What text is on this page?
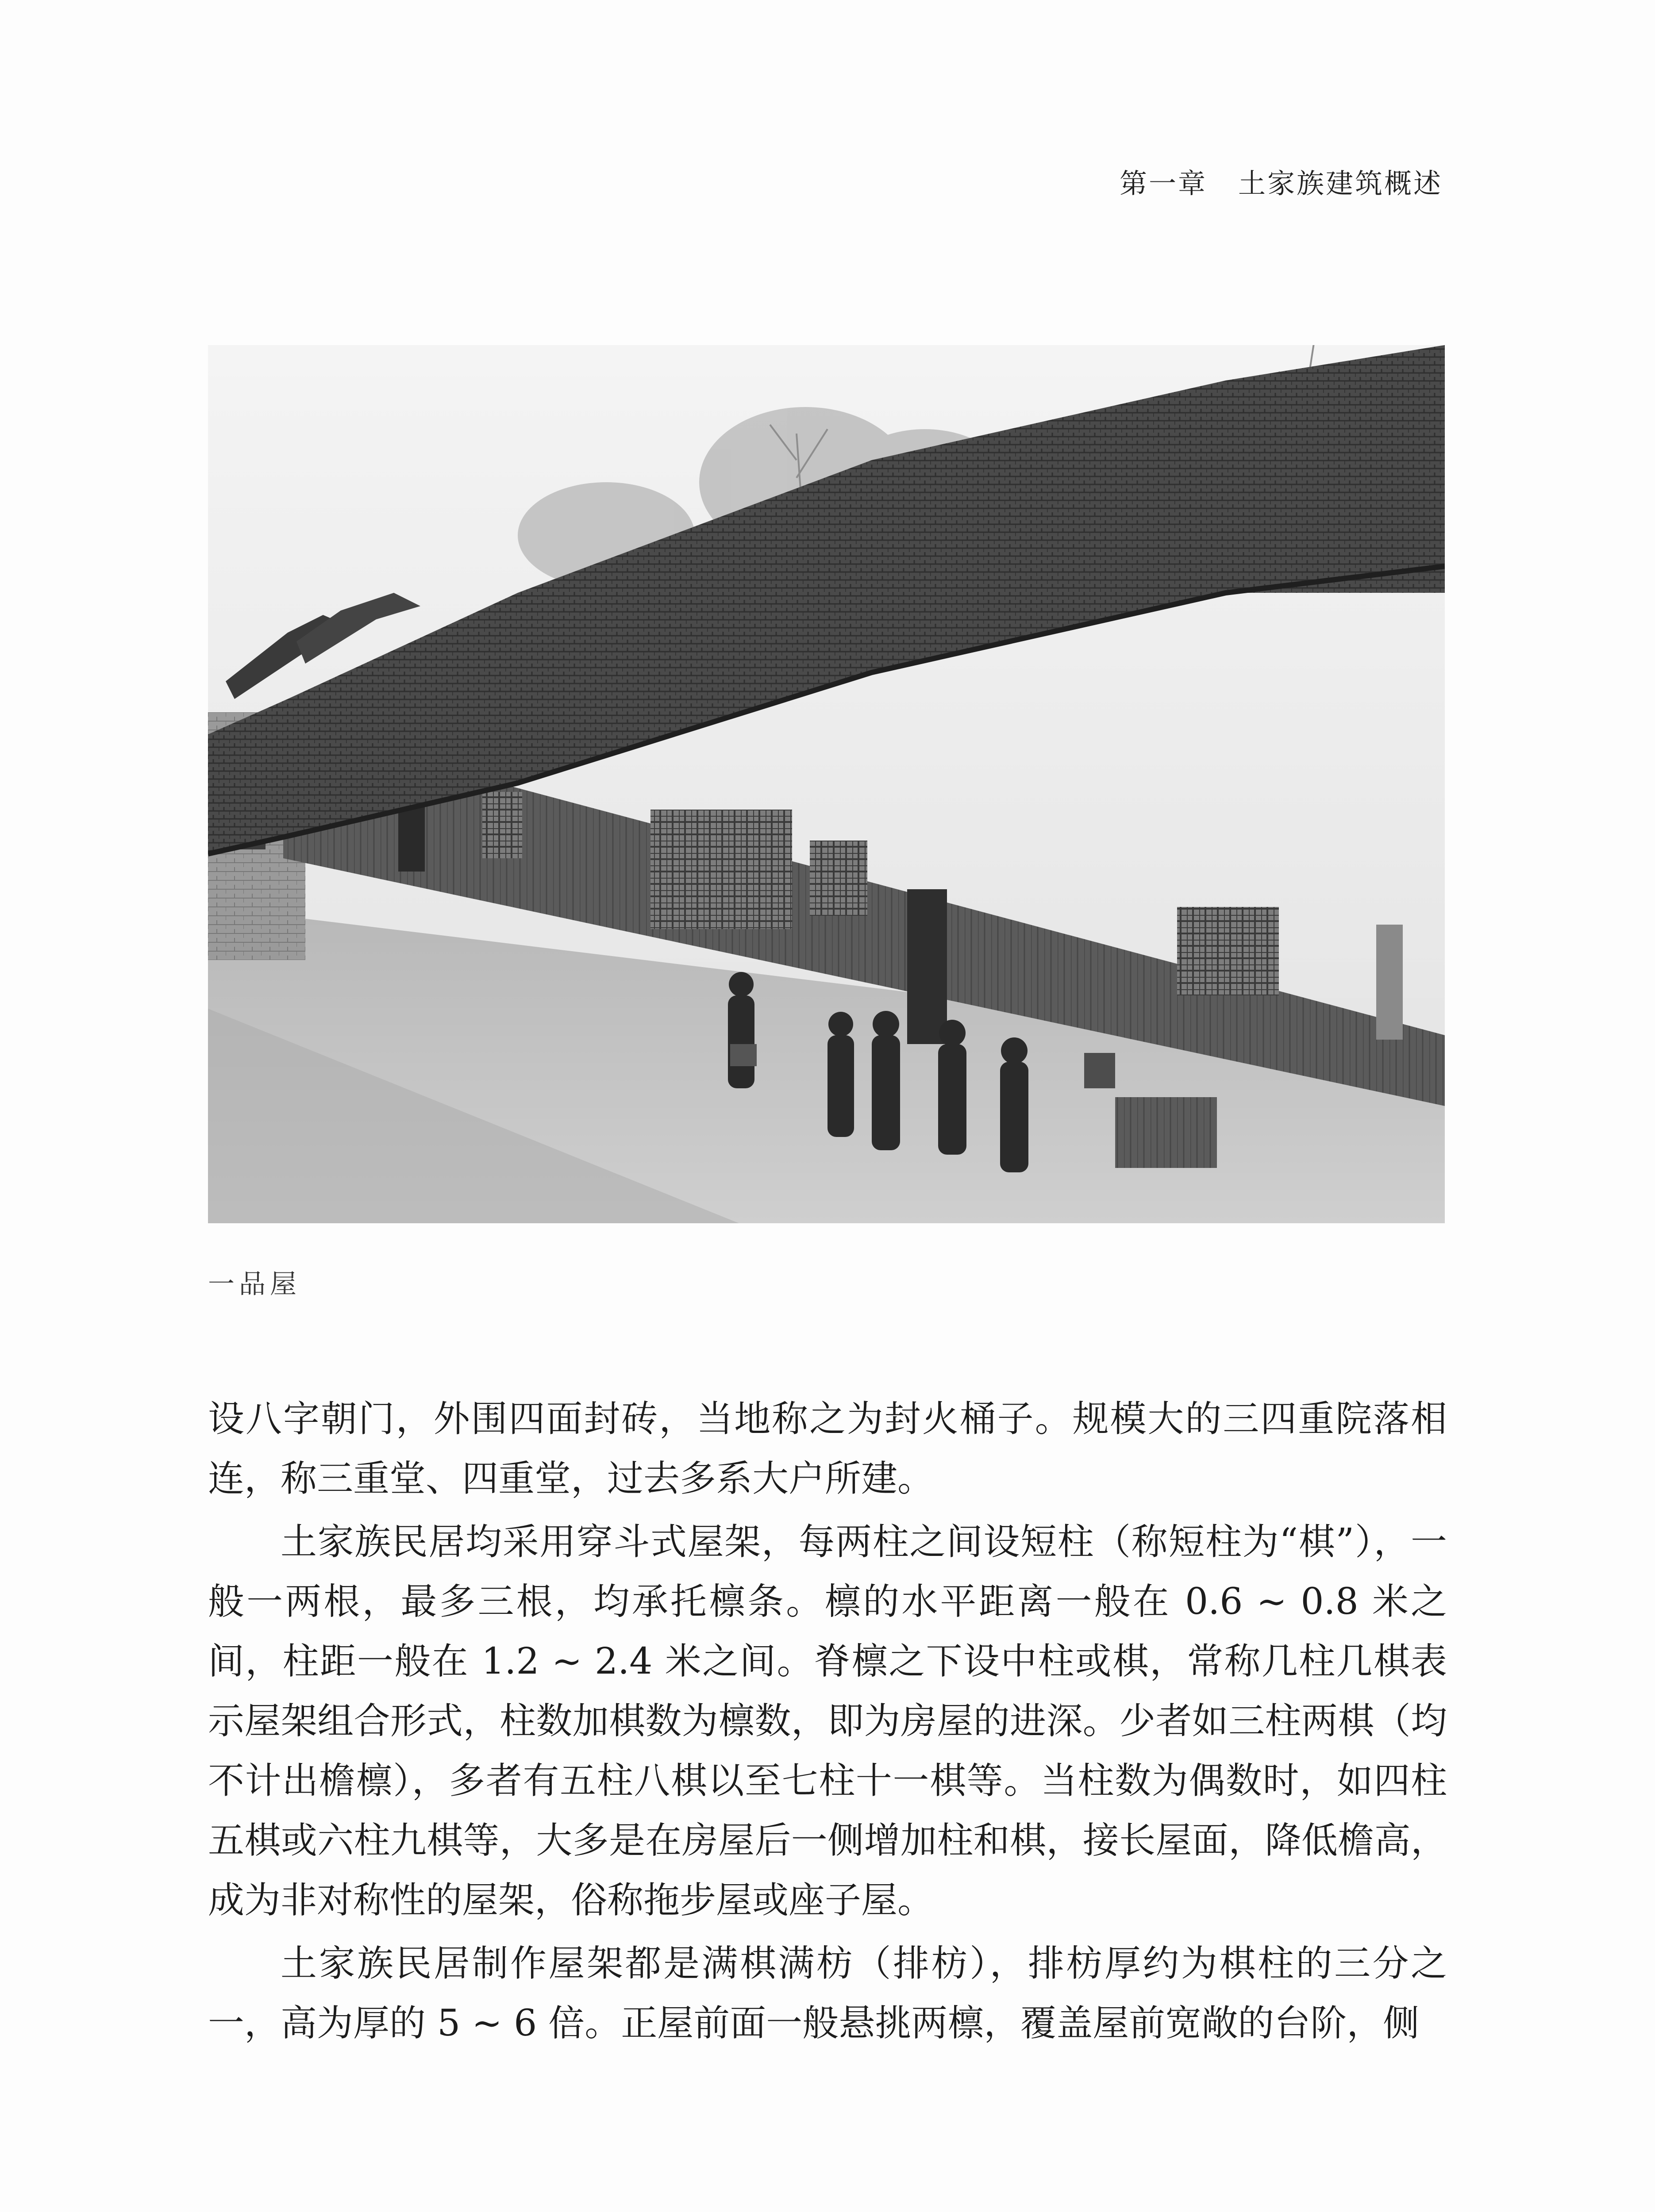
第一章 土家族建筑概述
一品屋

设八字朝门，外围四面封砖，当地称之为封火桶子。规模大的三四重院落相连，称三重堂、四重堂，过去多系大户所建。

土家族民居均采用穿斗式屋架，每两柱之间设短柱（称短柱为“棋”），一般一两根，最多三根，均承托檩条。檩的水平距离一般在 0.6 ~ 0.8 米之间，柱距一般在 1.2 ~ 2.4 米之间。脊檩之下设中柱或棋，常称几柱几棋表示屋架组合形式，柱数加棋数为檩数，即为房屋的进深。少者如三柱两棋（均不计出檐檩），多者有五柱八棋以至七柱十一棋等。当柱数为偶数时，如四柱五棋或六柱九棋等，大多是在房屋后一侧增加柱和棋，接长屋面，降低檐高，成为非对称性的屋架，俗称拖步屋或座子屋。

土家族民居制作屋架都是满棋满枋（排枋），排枋厚约为棋柱的三分之一，高为厚的 5 ~ 6 倍。正屋前面一般悬挑两檩，覆盖屋前宽敞的台阶，侧
